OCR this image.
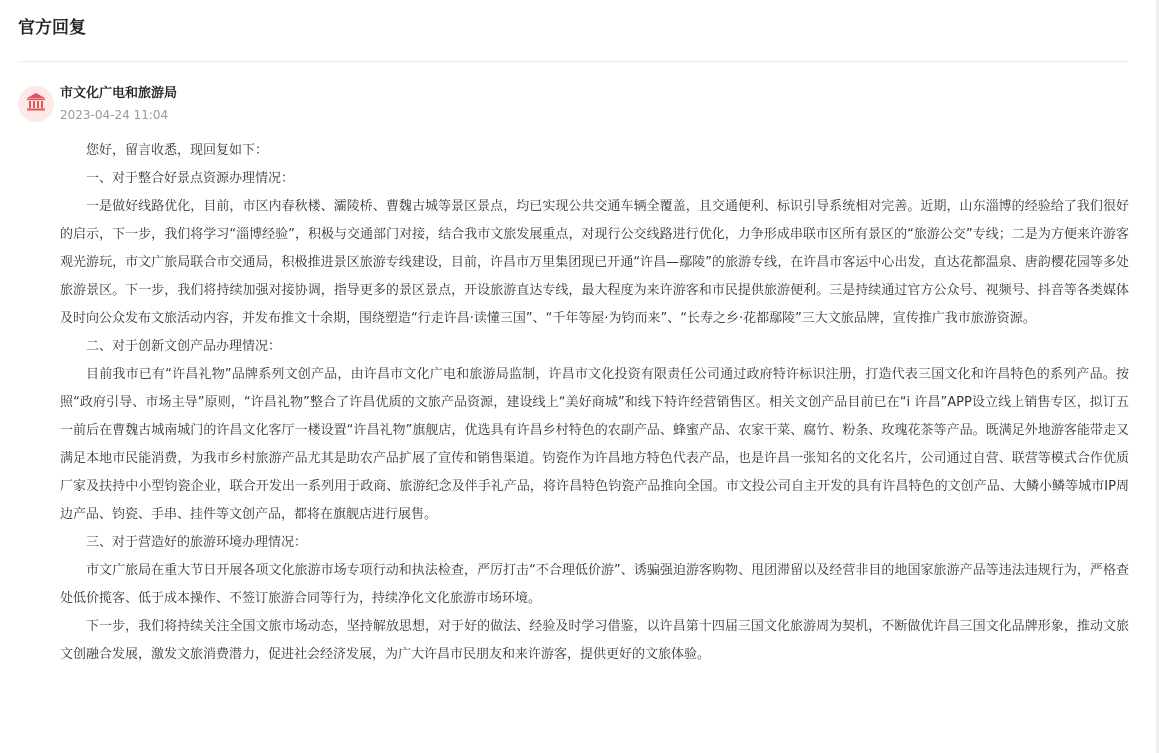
官方回复
市文化广电和旅游局
2023-04-24 11:04

您好，留言收悉，现回复如下：

一、对于整合好景点资源办理情况：

一是做好线路优化，目前，市区内春秋楼、灞陵桥、曹魏古城等景区景点，均已实现公共交通车辆全覆盖，且交通便利、标识引导系统相对完善。近期，山东淄博的经验给了我们很好的启示，下一步，我们将学习“淄博经验”，积极与交通部门对接，结合我市文旅发展重点，对现行公交线路进行优化，力争形成串联市区所有景区的“旅游公交”专线；二是为方便来许游客观光游玩，市文广旅局联合市交通局，积极推进景区旅游专线建设，目前，许昌市万里集团现已开通“许昌—鄢陵”的旅游专线，在许昌市客运中心出发，直达花都温泉、唐韵樱花园等多处旅游景区。下一步，我们将持续加强对接协调，指导更多的景区景点，开设旅游直达专线，最大程度为来许游客和市民提供旅游便利。三是持续通过官方公众号、视频号、抖音等各类媒体及时向公众发布文旅活动内容，并发布推文十余期，围绕塑造“行走许昌·读懂三国”、“千年等屋·为钧而来”、“长寿之乡·花都鄢陵”三大文旅品牌，宣传推广我市旅游资源。

二、对于创新文创产品办理情况：

目前我市已有“许昌礼物”品牌系列文创产品，由许昌市文化广电和旅游局监制，许昌市文化投资有限责任公司通过政府特许标识注册，打造代表三国文化和许昌特色的系列产品。按照“政府引导、市场主导”原则，“许昌礼物”整合了许昌优质的文旅产品资源，建设线上“美好商城”和线下特许经营销售区。相关文创产品目前已在“i 许昌”APP设立线上销售专区，拟订五一前后在曹魏古城南城门的许昌文化客厅一楼设置“许昌礼物”旗舰店，优选具有许昌乡村特色的农副产品、蜂蜜产品、农家干菜、腐竹、粉条、玫瑰花茶等产品。既满足外地游客能带走又满足本地市民能消费，为我市乡村旅游产品尤其是助农产品扩展了宣传和销售渠道。钧瓷作为许昌地方特色代表产品，也是许昌一张知名的文化名片，公司通过自营、联营等模式合作优质厂家及扶持中小型钧瓷企业，联合开发出一系列用于政商、旅游纪念及伴手礼产品，将许昌特色钧瓷产品推向全国。市文投公司自主开发的具有许昌特色的文创产品、大鳞小鳞等城市IP周边产品、钧瓷、手串、挂件等文创产品，都将在旗舰店进行展售。

三、对于营造好的旅游环境办理情况：

市文广旅局在重大节日开展各项文化旅游市场专项行动和执法检查，严厉打击“不合理低价游”、诱骗强迫游客购物、甩团滞留以及经营非目的地国家旅游产品等违法违规行为，严格查处低价揽客、低于成本操作、不签订旅游合同等行为，持续净化文化旅游市场环境。

下一步，我们将持续关注全国文旅市场动态，坚持解放思想，对于好的做法、经验及时学习借鉴，以许昌第十四届三国文化旅游周为契机，不断做优许昌三国文化品牌形象，推动文旅文创融合发展，激发文旅消费潜力，促进社会经济发展，为广大许昌市民朋友和来许游客，提供更好的文旅体验。
